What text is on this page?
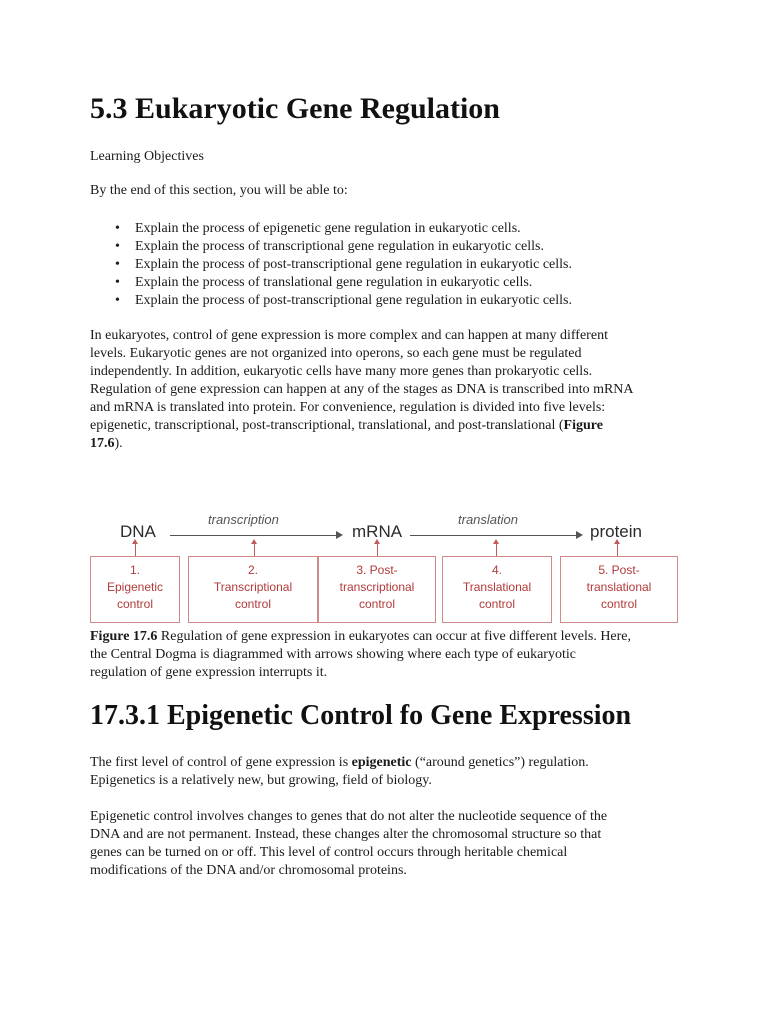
5.3 Eukaryotic Gene Regulation

Learning Objectives

By the end of this section, you will be able to:

• Explain the process of epigenetic gene regulation in eukaryotic cells.
• Explain the process of transcriptional gene regulation in eukaryotic cells.
• Explain the process of post-transcriptional gene regulation in eukaryotic cells.
• Explain the process of translational gene regulation in eukaryotic cells.
• Explain the process of post-transcriptional gene regulation in eukaryotic cells.
In eukaryotes, control of gene expression is more complex and can happen at many different
levels. Eukaryotic genes are not organized into operons, so each gene must be regulated
independently. In addition, eukaryotic cells have many more genes than prokaryotic cells.
Regulation of gene expression can happen at any of the stages as DNA is transcribed into mRNA
and mRNA is translated into protein. For convenience, regulation is divided into five levels:
epigenetic, transcriptional, post-transcriptional, translational, and post-translational (Figure
17.6).
DNA
transcription
mRNA
translation
protein
1.
Epigenetic
control
2.
Transcriptional
control
3. Post-
transcriptional
control
4.
Translational
control
5. Post-
translational
control
Figure 17.6 Regulation of gene expression in eukaryotes can occur at five different levels. Here,
the Central Dogma is diagrammed with arrows showing where each type of eukaryotic
regulation of gene expression interrupts it.
17.3.1 Epigenetic Control fo Gene Expression
The first level of control of gene expression is epigenetic (“around genetics”) regulation.
Epigenetics is a relatively new, but growing, field of biology.
Epigenetic control involves changes to genes that do not alter the nucleotide sequence of the
DNA and are not permanent. Instead, these changes alter the chromosomal structure so that
genes can be turned on or off. This level of control occurs through heritable chemical
modifications of the DNA and/or chromosomal proteins.
